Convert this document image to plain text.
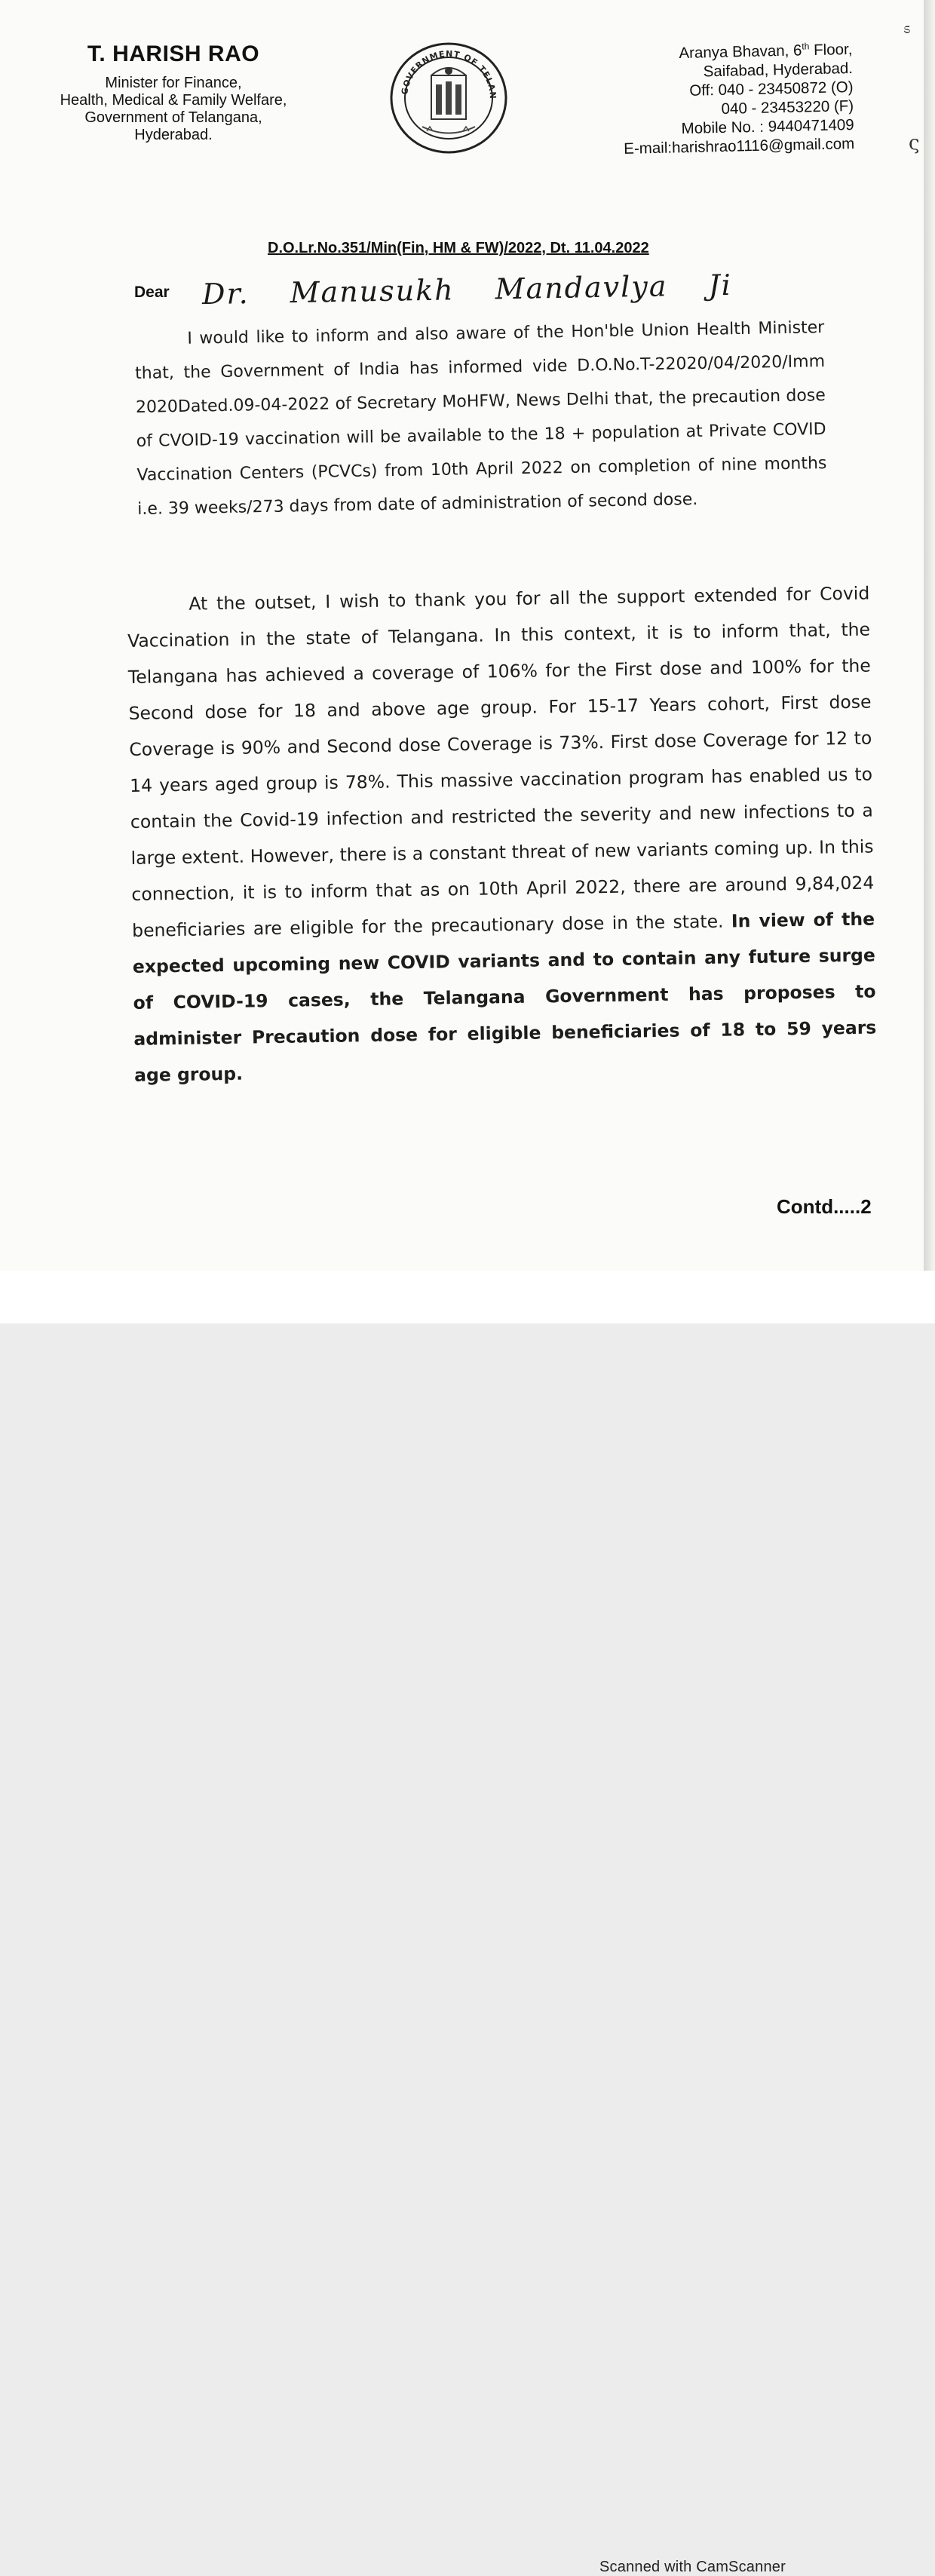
T. HARISH RAO
Minister for Finance,
Health, Medical & Family Welfare,
Government of Telangana,
Hyderabad.
GOVERNMENT OF TELAN
Aranya Bhavan, 6th Floor,
Saifabad, Hyderabad.
Off: 040 - 23450872 (O)
040 - 23453220 (F)
Mobile No. : 9440471409
E-mail:harishrao1116@gmail.com
D.O.Lr.No.351/Min(Fin, HM & FW)/2022, Dt. 11.04.2022
Dear Dr. Manusukh Mandavlya Ji
I would like to inform and also aware of the Hon'ble Union Health Minister that, the Government of India has informed vide D.O.No.T-22020/04/2020/Imm 2020Dated.09-04-2022 of Secretary MoHFW, News Delhi that, the precaution dose of CVOID-19 vaccination will be available to the 18 + population at Private COVID Vaccination Centers (PCVCs) from 10th April 2022 on completion of nine months i.e. 39 weeks/273 days from date of administration of second dose.
At the outset, I wish to thank you for all the support extended for Covid Vaccination in the state of Telangana. In this context, it is to inform that, the Telangana has achieved a coverage of 106% for the First dose and 100% for the Second dose for 18 and above age group. For 15-17 Years cohort, First dose Coverage is 90% and Second dose Coverage is 73%. First dose Coverage for 12 to 14 years aged group is 78%. This massive vaccination program has enabled us to contain the Covid-19 infection and restricted the severity and new infections to a large extent. However, there is a constant threat of new variants coming up. In this connection, it is to inform that as on 10th April 2022, there are around 9,84,024 beneficiaries are eligible for the precautionary dose in the state. In view of the expected upcoming new COVID variants and to contain any future surge of COVID-19 cases, the Telangana Government has proposes to administer Precaution dose for eligible beneficiaries of 18 to 59 years age group.
Contd.....2
ಽ
ς
Scanned with CamScanner
